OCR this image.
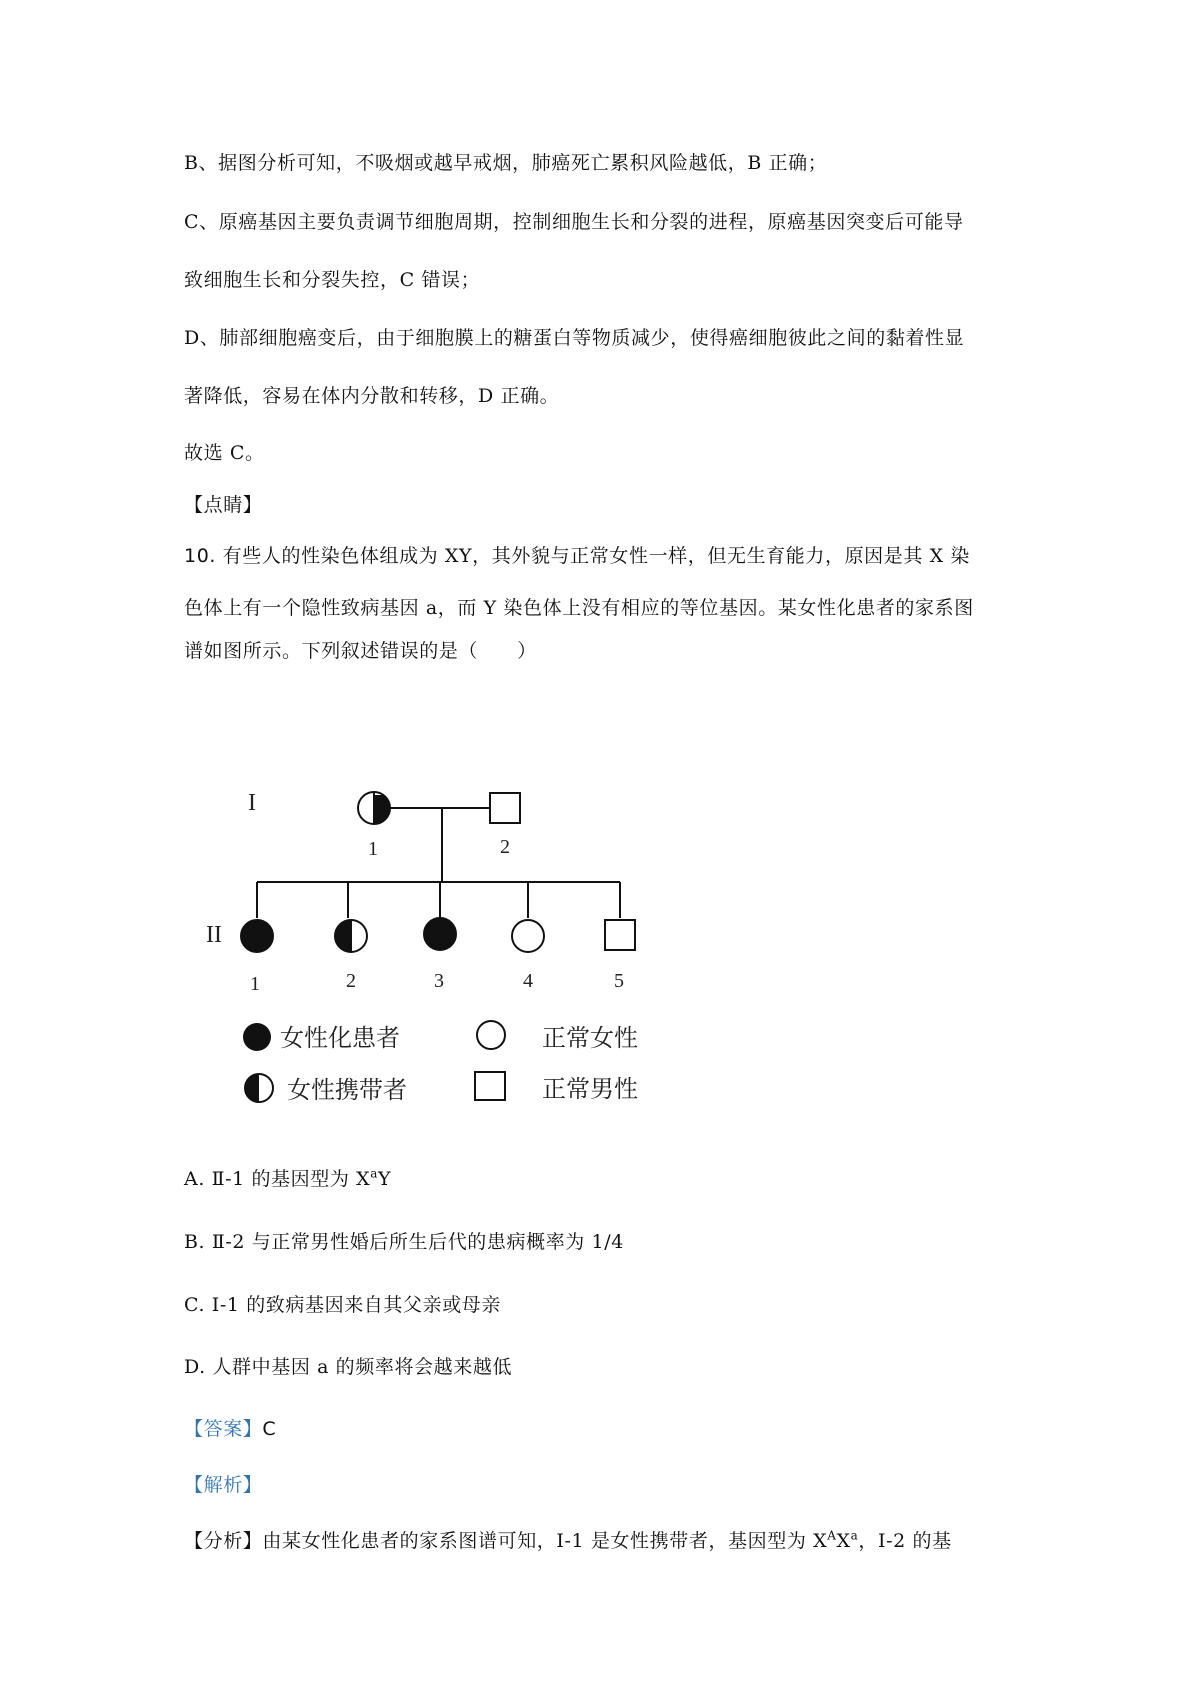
B、据图分析可知，不吸烟或越早戒烟，肺癌死亡累积风险越低，B 正确；
C、原癌基因主要负责调节细胞周期，控制细胞生长和分裂的进程，原癌基因突变后可能导
致细胞生长和分裂失控，C 错误；
D、肺部细胞癌变后，由于细胞膜上的糖蛋白等物质减少，使得癌细胞彼此之间的黏着性显
著降低，容易在体内分散和转移，D 正确。
故选 C。
【点睛】
10. 有些人的性染色体组成为 XY，其外貌与正常女性一样，但无生育能力，原因是其 X 染
色体上有一个隐性致病基因 a，而 Y 染色体上没有相应的等位基因。某女性化患者的家系图
谱如图所示。下列叙述错误的是（　　）
I
II
1	2
1	2	3	4	5
女性化患者	正常女性
女性携带者	正常男性
A. Ⅱ-1 的基因型为 $X^aY$
B. Ⅱ-2 与正常男性婚后所生后代的患病概率为 1/4
C. I-1 的致病基因来自其父亲或母亲
D. 人群中基因 a 的频率将会越来越低
【答案】C
【解析】
【分析】由某女性化患者的家系图谱可知，Ⅰ-1 是女性携带者，基因型为 $X^AX^a$，Ⅰ-2 的基
